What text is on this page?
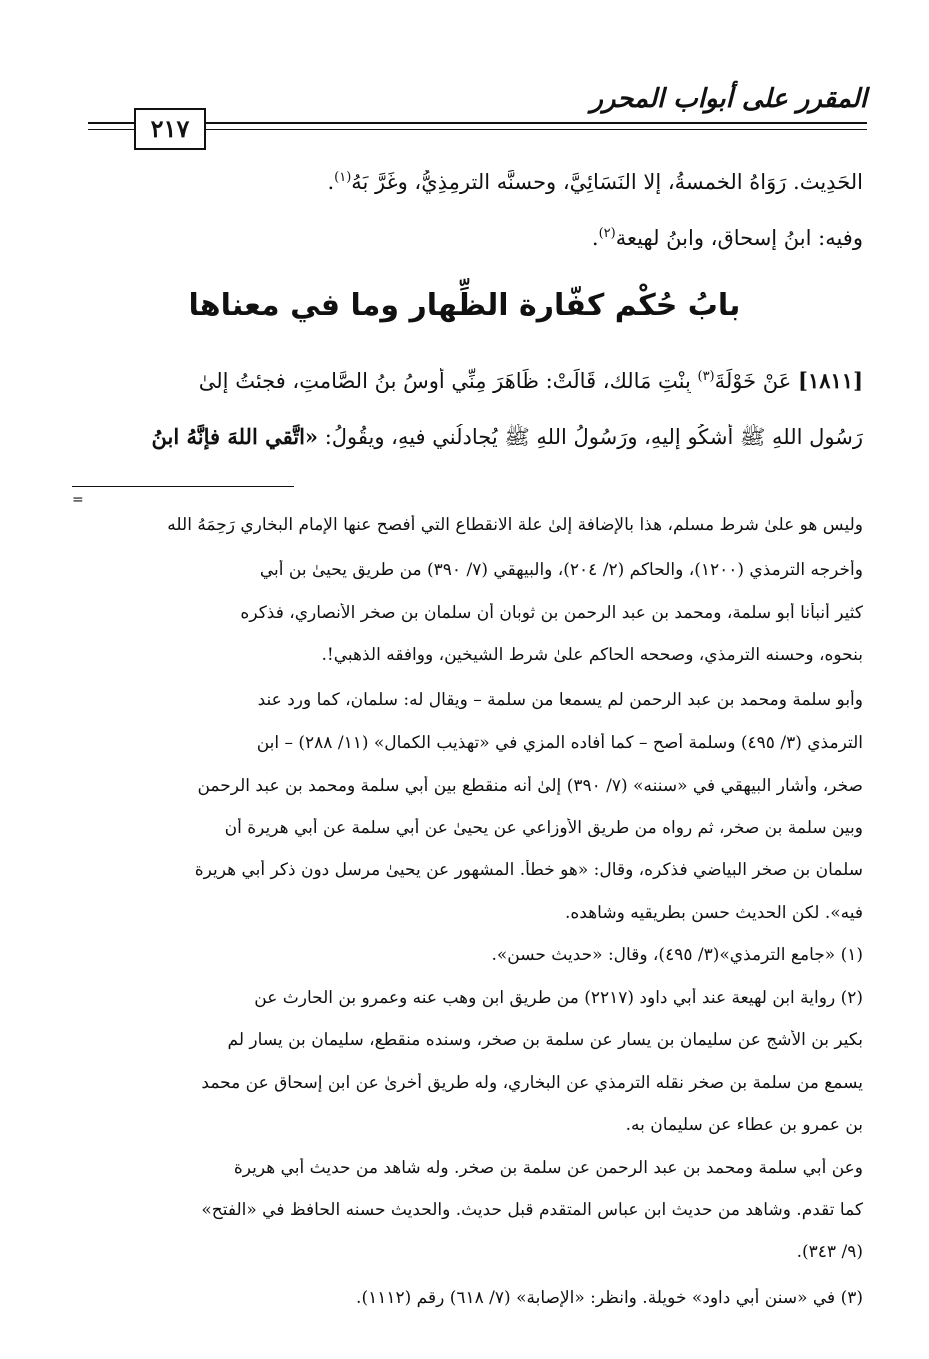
المقرر على أبواب المحرر
٢١٧
الحَدِيث. رَوَاهُ الخمسةُ، إلا النَسَائِيَّ، وحسنَّه الترمِذِيُّ، وغَرَّ بَهُ$^{(١)}$.
وفيه: ابنُ إسحاق، وابنُ لهيعة$^{(٢)}$.
بابُ حُكْم كفّارة الظِّهار وما في معناها
[١٨١١] عَنْ خَوْلَةَ$^{(٣)}$ بِنْتِ مَالك، قَالَتْ: ظَاهَرَ مِنِّي أوسُ بنُ الصَّامتِ، فجئتُ إلىٰ
رَسُول اللهِ ﷺ أشكُو إليهِ، ورَسُولُ اللهِ ﷺ يُجادلُني فيهِ، ويقُولُ: «اتَّقي اللهَ فإنَّهُ ابنُ
=
وليس هو علىٰ شرط مسلم، هذا بالإضافة إلىٰ علة الانقطاع التي أفصح عنها الإمام البخاري رَحِمَهُ الله
وأخرجه الترمذي (١٢٠٠)، والحاكم (٢/ ٢٠٤)، والبيهقي (٧/ ٣٩٠) من طريق يحيىٰ بن أبي
كثير أنبأنا أبو سلمة، ومحمد بن عبد الرحمن بن ثوبان أن سلمان بن صخر الأنصاري، فذكره
بنحوه، وحسنه الترمذي، وصححه الحاكم علىٰ شرط الشيخين، ووافقه الذهبي!.
وأبو سلمة ومحمد بن عبد الرحمن لم يسمعا من سلمة – ويقال له: سلمان، كما ورد عند
الترمذي (٣/ ٤٩٥) وسلمة أصح – كما أفاده المزي في «تهذيب الكمال» (١١/ ٢٨٨) – ابن
صخر، وأشار البيهقي في «سننه» (٧/ ٣٩٠) إلىٰ أنه منقطع بين أبي سلمة ومحمد بن عبد الرحمن
وبين سلمة بن صخر، ثم رواه من طريق الأوزاعي عن يحيىٰ عن أبي سلمة عن أبي هريرة أن
سلمان بن صخر البياضي فذكره، وقال: «هو خطأ. المشهور عن يحيىٰ مرسل دون ذكر أبي هريرة
فيه». لكن الحديث حسن بطريقيه وشاهده.
(١) «جامع الترمذي»(٣/ ٤٩٥)، وقال: «حديث حسن».
(٢) رواية ابن لهيعة عند أبي داود (٢٢١٧) من طريق ابن وهب عنه وعمرو بن الحارث عن
بكير بن الأشج عن سليمان بن يسار عن سلمة بن صخر، وسنده منقطع، سليمان بن يسار لم
يسمع من سلمة بن صخر نقله الترمذي عن البخاري، وله طريق أخرىٰ عن ابن إسحاق عن محمد
بن عمرو بن عطاء عن سليمان به.
وعن أبي سلمة ومحمد بن عبد الرحمن عن سلمة بن صخر. وله شاهد من حديث أبي هريرة
كما تقدم. وشاهد من حديث ابن عباس المتقدم قبل حديث. والحديث حسنه الحافظ في «الفتح»
(٩/ ٣٤٣).
(٣) في «سنن أبي داود» خويلة. وانظر: «الإصابة» (٧/ ٦١٨) رقم (١١١٢).
